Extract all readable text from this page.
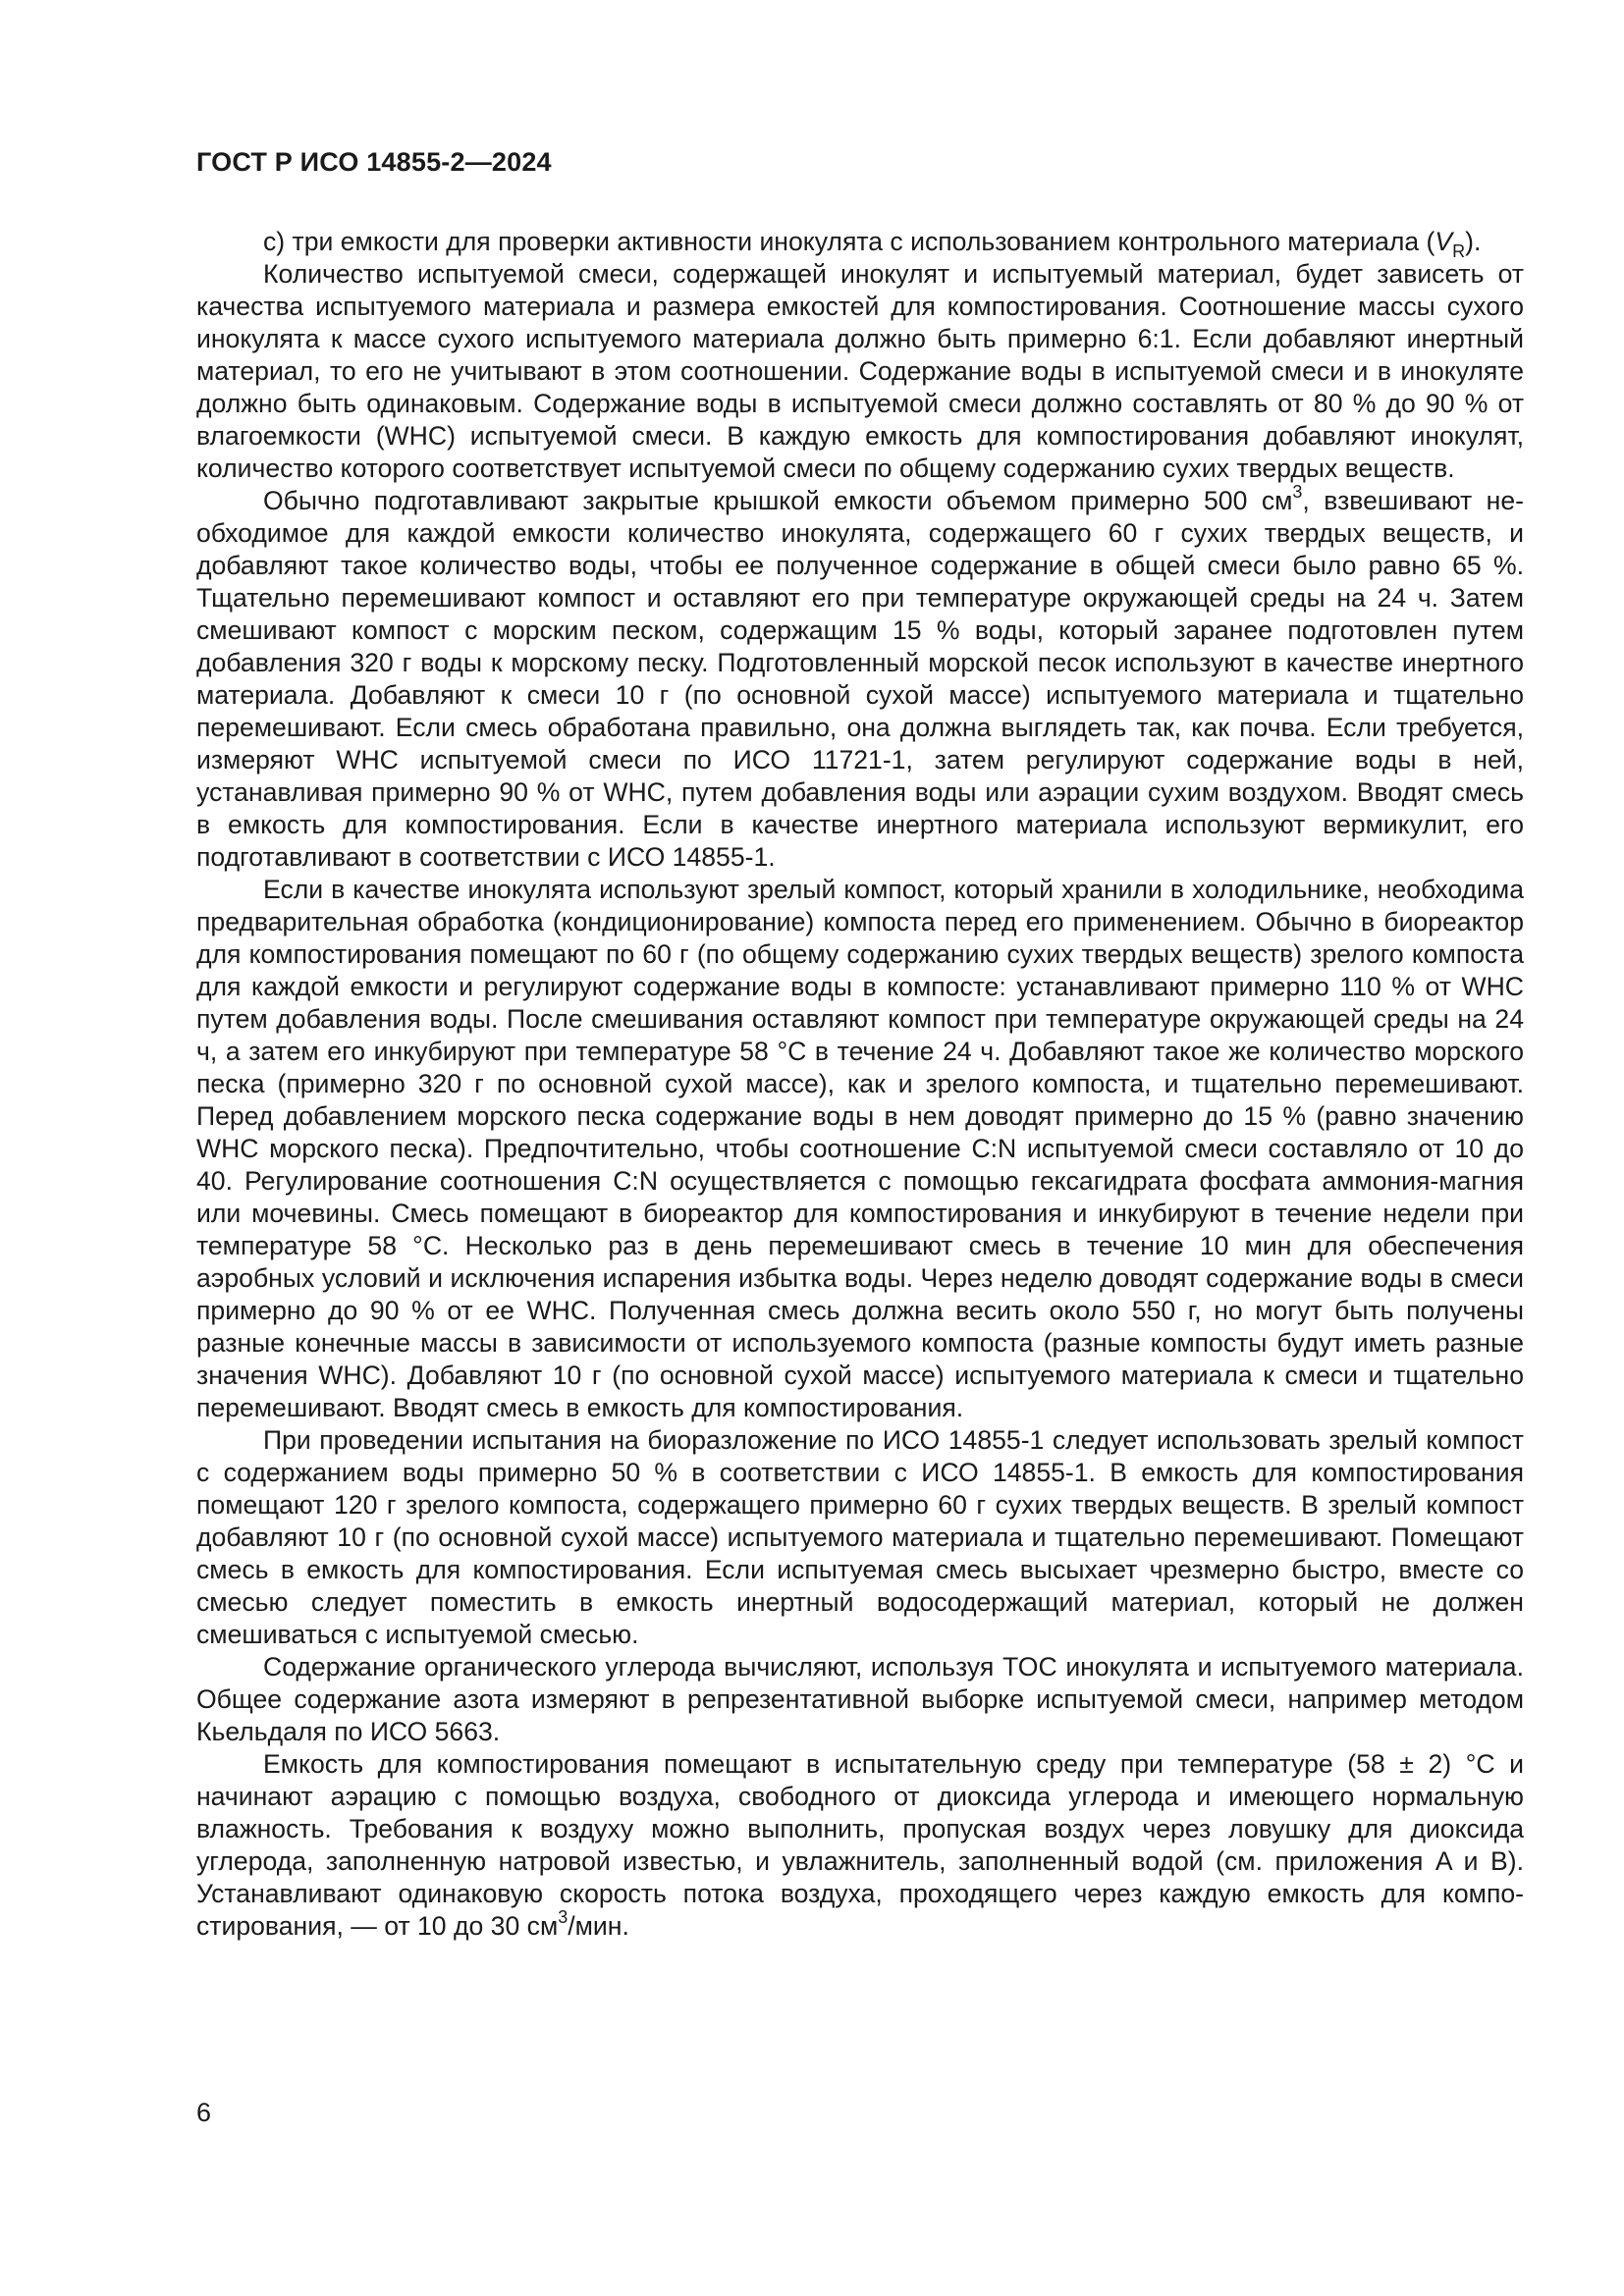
ГОСТ Р ИСО 14855-2—2024

c) три емкости для проверки активности инокулята с использованием контрольного материала $(V_R)$.

Количество испытуемой смеси, содержащей инокулят и испытуемый материал, будет зависеть от качества испытуемого материала и размера емкостей для компостирования. Соотношение массы сухого инокулята к массе сухого испытуемого материала должно быть примерно 6:1. Если добавляют инертный материал, то его не учитывают в этом соотношении. Содержание воды в испытуемой смеси и в инокуляте должно быть одинаковым. Содержание воды в испытуемой смеси должно составлять от 80 % до 90 % от влагоемкости (WHC) испытуемой смеси. В каждую емкость для компостирования добавляют инокулят, количество которого соответствует испытуемой смеси по общему содержанию сухих твердых веществ.

Обычно подготавливают закрытые крышкой емкости объемом примерно 500 $см^3$, взвешивают необходимое для каждой емкости количество инокулята, содержащего 60 г сухих твердых веществ, и добавляют такое количество воды, чтобы ее полученное содержание в общей смеси было равно 65 %. Тщательно перемешивают компост и оставляют его при температуре окружающей среды на 24 ч. Затем смешивают компост с морским песком, содержащим 15 % воды, который заранее подготовлен путем добавления 320 г воды к морскому песку. Подготовленный морской песок используют в качестве инертного материала. Добавляют к смеси 10 г (по основной сухой массе) испытуемого материала и тщательно перемешивают. Если смесь обработана правильно, она должна выглядеть так, как почва. Если требуется, измеряют WHC испытуемой смеси по ИСО 11721-1, затем регулируют содержание воды в ней, устанавливая примерно 90 % от WHC, путем добавления воды или аэрации сухим воздухом. Вводят смесь в емкость для компостирования. Если в качестве инертного материала используют вермикулит, его подготавливают в соответствии с ИСО 14855-1.

Если в качестве инокулята используют зрелый компост, который хранили в холодильнике, необходима предварительная обработка (кондиционирование) компоста перед его применением. Обычно в биореактор для компостирования помещают по 60 г (по общему содержанию сухих твердых веществ) зрелого компоста для каждой емкости и регулируют содержание воды в компосте: устанавливают примерно 110 % от WHC путем добавления воды. После смешивания оставляют компост при температуре окружающей среды на 24 ч, а затем его инкубируют при температуре 58 °C в течение 24 ч. Добавляют такое же количество морского песка (примерно 320 г по основной сухой массе), как и зрелого компоста, и тщательно перемешивают. Перед добавлением морского песка содержание воды в нем доводят примерно до 15 % (равно значению WHC морского песка). Предпочтительно, чтобы соотношение C:N испытуемой смеси составляло от 10 до 40. Регулирование соотношения C:N осуществляется с помощью гексагидрата фосфата аммония-магния или мочевины. Смесь помещают в биореактор для компостирования и инкубируют в течение недели при температуре 58 °C. Несколько раз в день перемешивают смесь в течение 10 мин для обеспечения аэробных условий и исключения испарения избытка воды. Через неделю доводят содержание воды в смеси примерно до 90 % от ее WHC. Полученная смесь должна весить около 550 г, но могут быть получены разные конечные массы в зависимости от используемого компоста (разные компосты будут иметь разные значения WHC). Добавляют 10 г (по основной сухой массе) испытуемого материала к смеси и тщательно перемешивают. Вводят смесь в емкость для компостирования.

При проведении испытания на биоразложение по ИСО 14855-1 следует использовать зрелый компост с содержанием воды примерно 50 % в соответствии с ИСО 14855-1. В емкость для компостирования помещают 120 г зрелого компоста, содержащего примерно 60 г сухих твердых веществ. В зрелый компост добавляют 10 г (по основной сухой массе) испытуемого материала и тщательно перемешивают. Помещают смесь в емкость для компостирования. Если испытуемая смесь высыхает чрезмерно быстро, вместе со смесью следует поместить в емкость инертный водосодержащий материал, который не должен смешиваться с испытуемой смесью.

Содержание органического углерода вычисляют, используя TOC инокулята и испытуемого материала. Общее содержание азота измеряют в репрезентативной выборке испытуемой смеси, например методом Кьельдаля по ИСО 5663.

Емкость для компостирования помещают в испытательную среду при температуре (58 ± 2) °C и начинают аэрацию с помощью воздуха, свободного от диоксида углерода и имеющего нормальную влажность. Требования к воздуху можно выполнить, пропуская воздух через ловушку для диоксида углерода, заполненную натровой известью, и увлажнитель, заполненный водой (см. приложения A и B). Устанавливают одинаковую скорость потока воздуха, проходящего через каждую емкость для компостирования, — от 10 до 30 $см^3$/мин.

6
